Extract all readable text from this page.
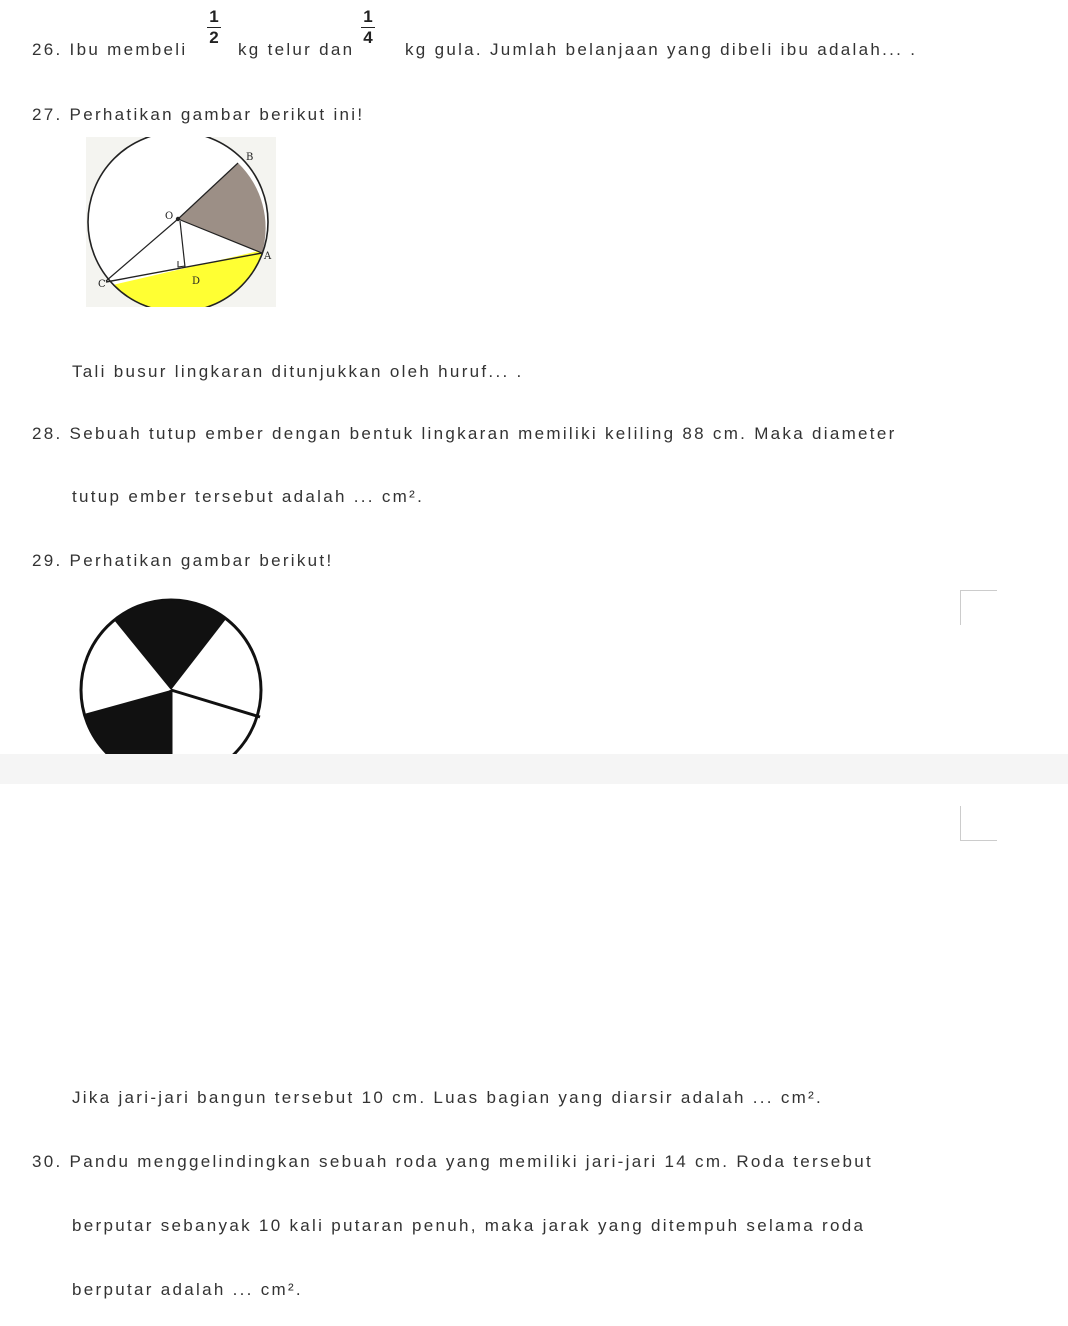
26. Ibu membeli
1
2
kg telur dan
1
4
kg gula. Jumlah belanjaan yang dibeli ibu adalah... .
27. Perhatikan gambar berikut ini!
B
O
A
C	D
Tali busur lingkaran ditunjukkan oleh huruf... .
28. Sebuah tutup ember dengan bentuk lingkaran memiliki keliling 88 cm. Maka diameter
tutup ember tersebut adalah ... cm².
29. Perhatikan gambar berikut!
Jika jari-jari bangun tersebut 10 cm. Luas bagian yang diarsir adalah ... cm².
30. Pandu menggelindingkan sebuah roda yang memiliki jari-jari 14 cm. Roda tersebut
berputar sebanyak 10 kali putaran penuh, maka jarak yang ditempuh selama roda
berputar adalah ... cm².
